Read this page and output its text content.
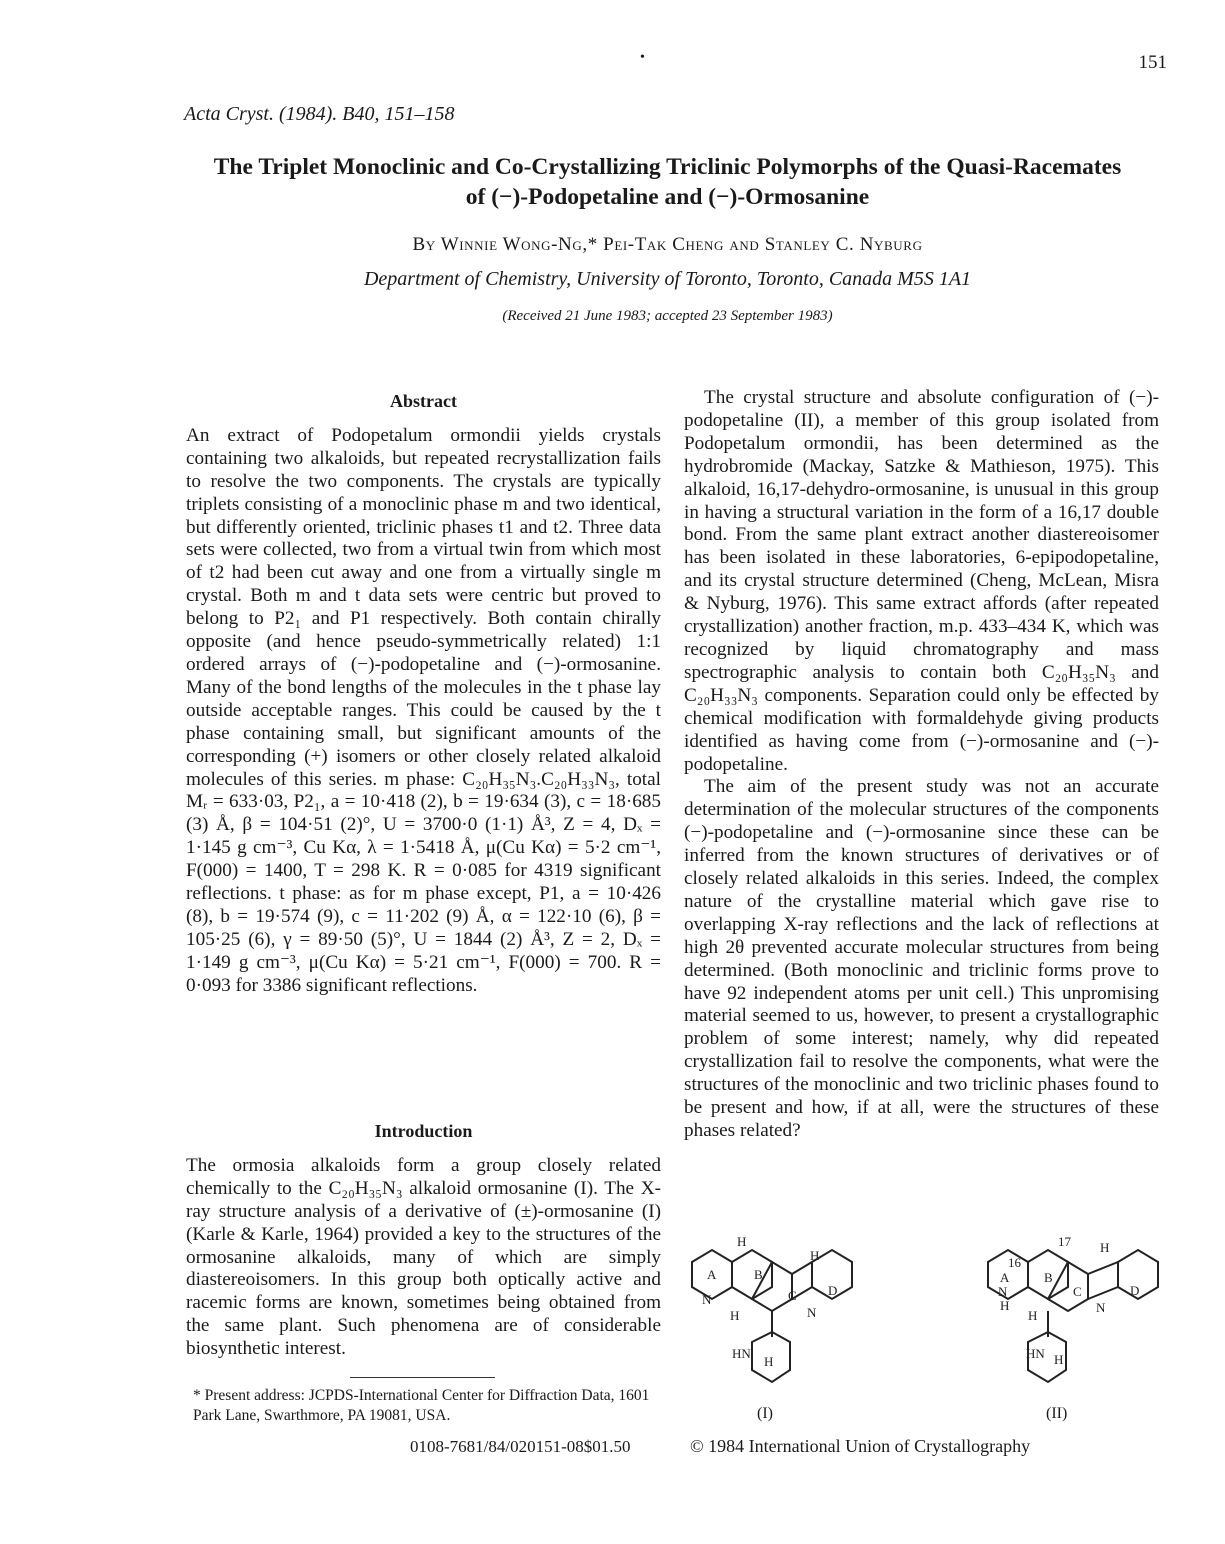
151
•
Acta Cryst. (1984). B40, 151–158
The Triplet Monoclinic and Co-Crystallizing Triclinic Polymorphs of the Quasi-Racemates
of (−)-Podopetaline and (−)-Ormosanine
By Winnie Wong-Ng,* Pei-Tak Cheng and Stanley C. Nyburg
Department of Chemistry, University of Toronto, Toronto, Canada M5S 1A1
(Received 21 June 1983; accepted 23 September 1983)
Abstract

An extract of Podopetalum ormondii yields crystals containing two alkaloids, but repeated recrystallization fails to resolve the two components. The crystals are typically triplets consisting of a monoclinic phase m and two identical, but differently oriented, triclinic phases t1 and t2. Three data sets were collected, two from a virtual twin from which most of t2 had been cut away and one from a virtually single m crystal. Both m and t data sets were centric but proved to belong to P2₁ and P1 respectively. Both contain chirally opposite (and hence pseudo-symmetrically related) 1:1 ordered arrays of (−)-podopetaline and (−)-ormosanine. Many of the bond lengths of the molecules in the t phase lay outside acceptable ranges. This could be caused by the t phase containing small, but significant amounts of the corresponding (+) isomers or other closely related alkaloid molecules of this series. m phase: C₂₀H₃₅N₃.C₂₀H₃₃N₃, total Mᵣ = 633·03, P2₁, a = 10·418 (2), b = 19·634 (3), c = 18·685 (3) Å, β = 104·51 (2)°, U = 3700·0 (1·1) Å³, Z = 4, Dₓ = 1·145 g cm⁻³, Cu Kα, λ = 1·5418 Å, μ(Cu Kα) = 5·2 cm⁻¹, F(000) = 1400, T = 298 K. R = 0·085 for 4319 significant reflections. t phase: as for m phase except, P1, a = 10·426 (8), b = 19·574 (9), c = 11·202 (9) Å, α = 122·10 (6), β = 105·25 (6), γ = 89·50 (5)°, U = 1844 (2) Å³, Z = 2, Dₓ = 1·149 g cm⁻³, μ(Cu Kα) = 5·21 cm⁻¹, F(000) = 700. R = 0·093 for 3386 significant reflections.

Introduction

The ormosia alkaloids form a group closely related chemically to the C₂₀H₃₅N₃ alkaloid ormosanine (I). The X-ray structure analysis of a derivative of (±)-ormosanine (I) (Karle & Karle, 1964) provided a key to the structures of the ormosanine alkaloids, many of which are simply diastereoisomers. In this group both optically active and racemic forms are known, sometimes being obtained from the same plant. Such phenomena are of considerable biosynthetic interest.

* Present address: JCPDS-International Center for Diffraction Data, 1601 Park Lane, Swarthmore, PA 19081, USA.

The crystal structure and absolute configuration of (−)-podopetaline (II), a member of this group isolated from Podopetalum ormondii, has been determined as the hydrobromide (Mackay, Satzke & Mathieson, 1975). This alkaloid, 16,17-dehydro-ormosanine, is unusual in this group in having a structural variation in the form of a 16,17 double bond. From the same plant extract another diastereoisomer has been isolated in these laboratories, 6-epipodopetaline, and its crystal structure determined (Cheng, McLean, Misra & Nyburg, 1976). This same extract affords (after repeated crystallization) another fraction, m.p. 433–434 K, which was recognized by liquid chromatography and mass spectrographic analysis to contain both C₂₀H₃₅N₃ and C₂₀H₃₃N₃ components. Separation could only be effected by chemical modification with formaldehyde giving products identified as having come from (−)-ormosanine and (−)-podopetaline.

The aim of the present study was not an accurate determination of the molecular structures of the components (−)-podopetaline and (−)-ormosanine since these can be inferred from the known structures of derivatives or of closely related alkaloids in this series. Indeed, the complex nature of the crystalline material which gave rise to overlapping X-ray reflections and the lack of reflections at high 2θ prevented accurate molecular structures from being determined. (Both monoclinic and triclinic forms prove to have 92 independent atoms per unit cell.) This unpromising material seemed to us, however, to present a crystallographic problem of some interest; namely, why did repeated crystallization fail to resolve the components, what were the structures of the monoclinic and two triclinic phases found to be present and how, if at all, were the structures of these phases related?

H
H
A	B
C D
N
H	N
HN
H
(I)
17 H
16
A	B
C	D
N
H
H
N
HN H
(II)
0108-7681/84/020151-08$01.50	© 1984 International Union of Crystallography
